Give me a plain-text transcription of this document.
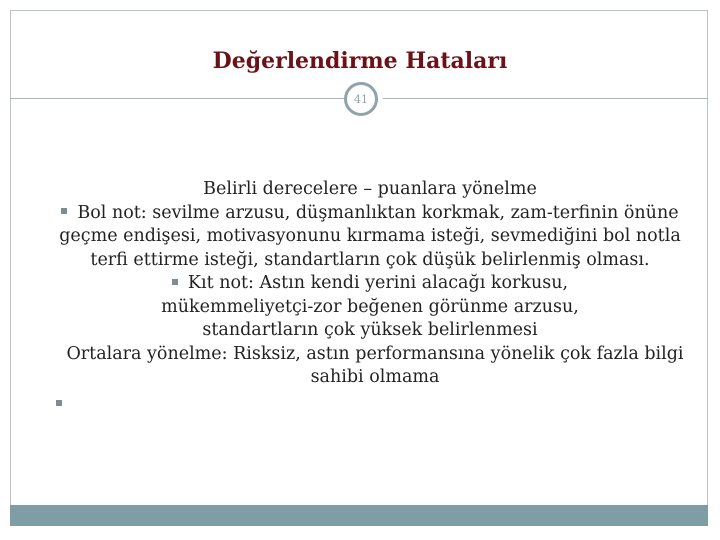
Değerlendirme Hataları
41

Belirli derecelere – puanlara yönelme

Bol not: sevilme arzusu, düşmanlıktan korkmak, zam-terfinin önüne geçme endişesi, motivasyonunu kırmama isteği, sevmediğini bol notla terfi ettirme isteği, standartların çok düşük belirlenmiş olması.

Kıt not: Astın kendi yerini alacağı korkusu, mükemmeliyetçi-zor beğenen görünme arzusu, standartların çok yüksek belirlenmesi

Ortalara yönelme: Risksiz, astın performansına yönelik çok fazla bilgi sahibi olmama
